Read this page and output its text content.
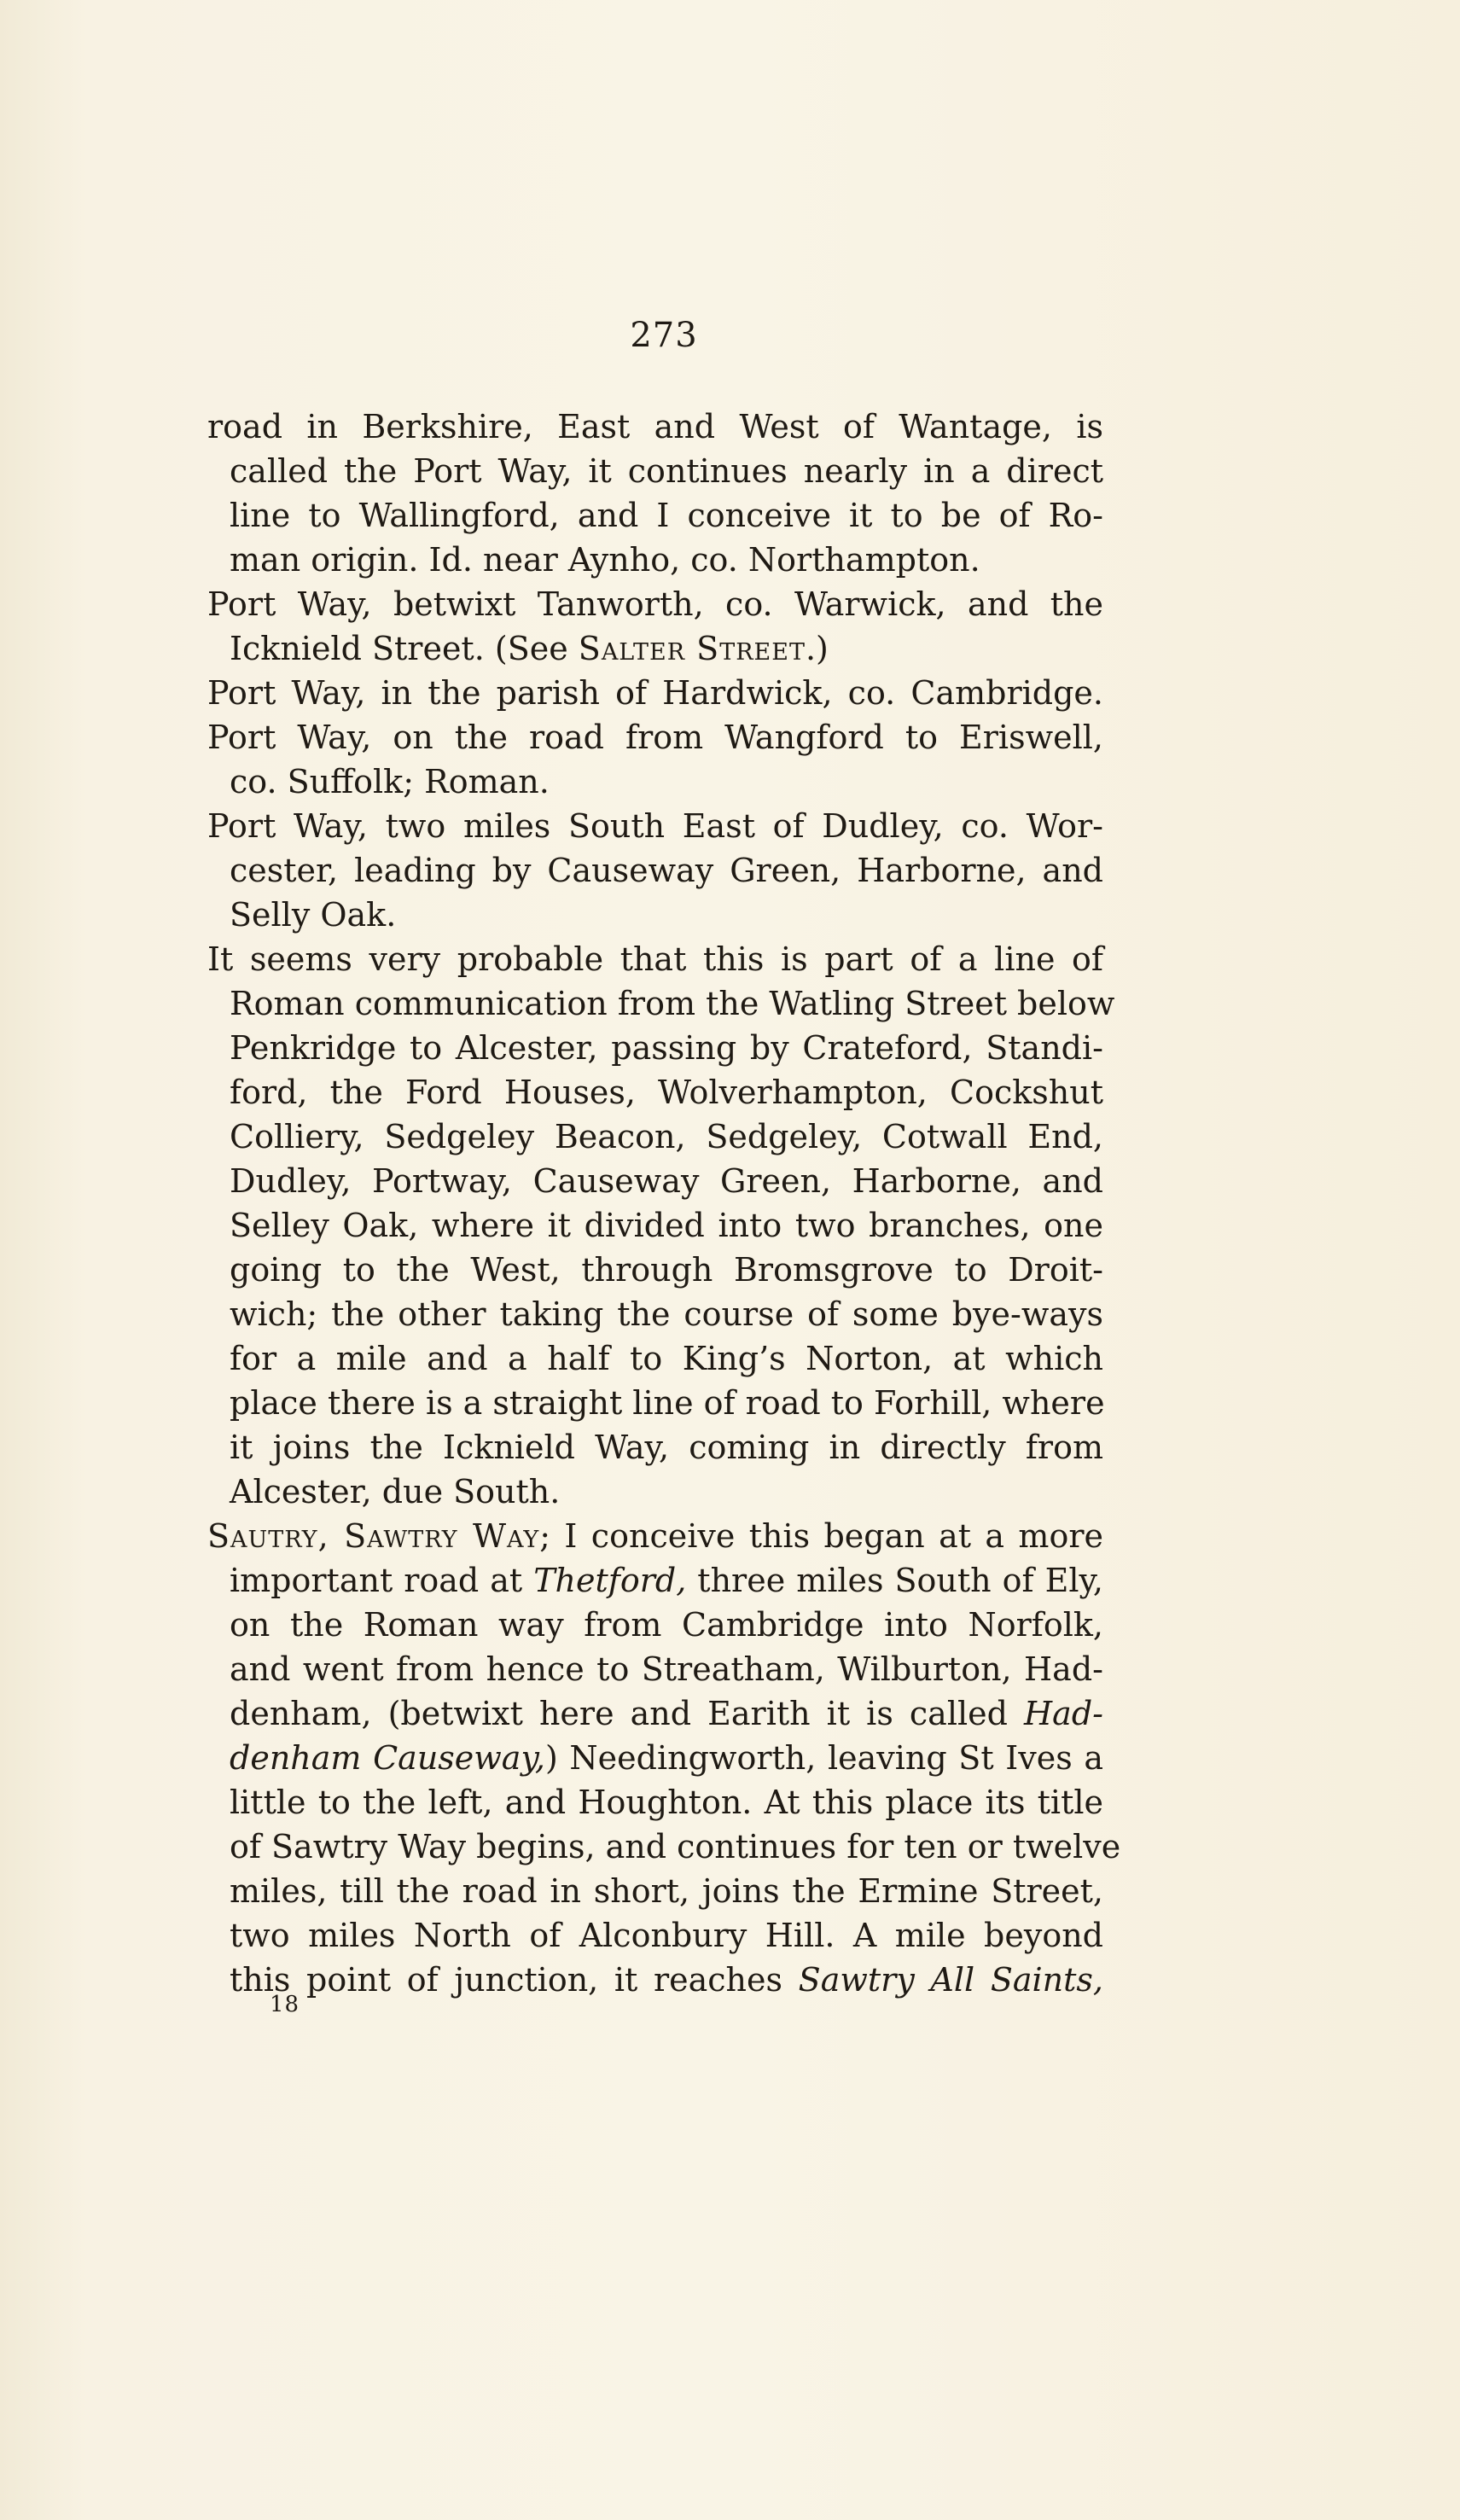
273
road in Berkshire, East and West of Wantage, is
called the Port Way, it continues nearly in a direct
line to Wallingford, and I conceive it to be of Ro-
man origin. Id. near Aynho, co. Northampton.
Port Way, betwixt Tanworth, co. Warwick, and the
Icknield Street. (See Salter Street.)
Port Way, in the parish of Hardwick, co. Cambridge.
Port Way, on the road from Wangford to Eriswell,
co. Suffolk; Roman.
Port Way, two miles South East of Dudley, co. Wor-
cester, leading by Causeway Green, Harborne, and
Selly Oak.
It seems very probable that this is part of a line of
Roman communication from the Watling Street below
Penkridge to Alcester, passing by Crateford, Standi-
ford, the Ford Houses, Wolverhampton, Cockshut
Colliery, Sedgeley Beacon, Sedgeley, Cotwall End,
Dudley, Portway, Causeway Green, Harborne, and
Selley Oak, where it divided into two branches, one
going to the West, through Bromsgrove to Droit-
wich; the other taking the course of some bye-ways
for a mile and a half to King’s Norton, at which
place there is a straight line of road to Forhill, where
it joins the Icknield Way, coming in directly from
Alcester, due South.
Sautry, Sawtry Way; I conceive this began at a more
important road at Thetford, three miles South of Ely,
on the Roman way from Cambridge into Norfolk,
and went from hence to Streatham, Wilburton, Had-
denham, (betwixt here and Earith it is called Had-
denham Causeway,) Needingworth, leaving St Ives a
little to the left, and Houghton. At this place its title
of Sawtry Way begins, and continues for ten or twelve
miles, till the road in short, joins the Ermine Street,
two miles North of Alconbury Hill. A mile beyond
this point of junction, it reaches Sawtry All Saints,
18
